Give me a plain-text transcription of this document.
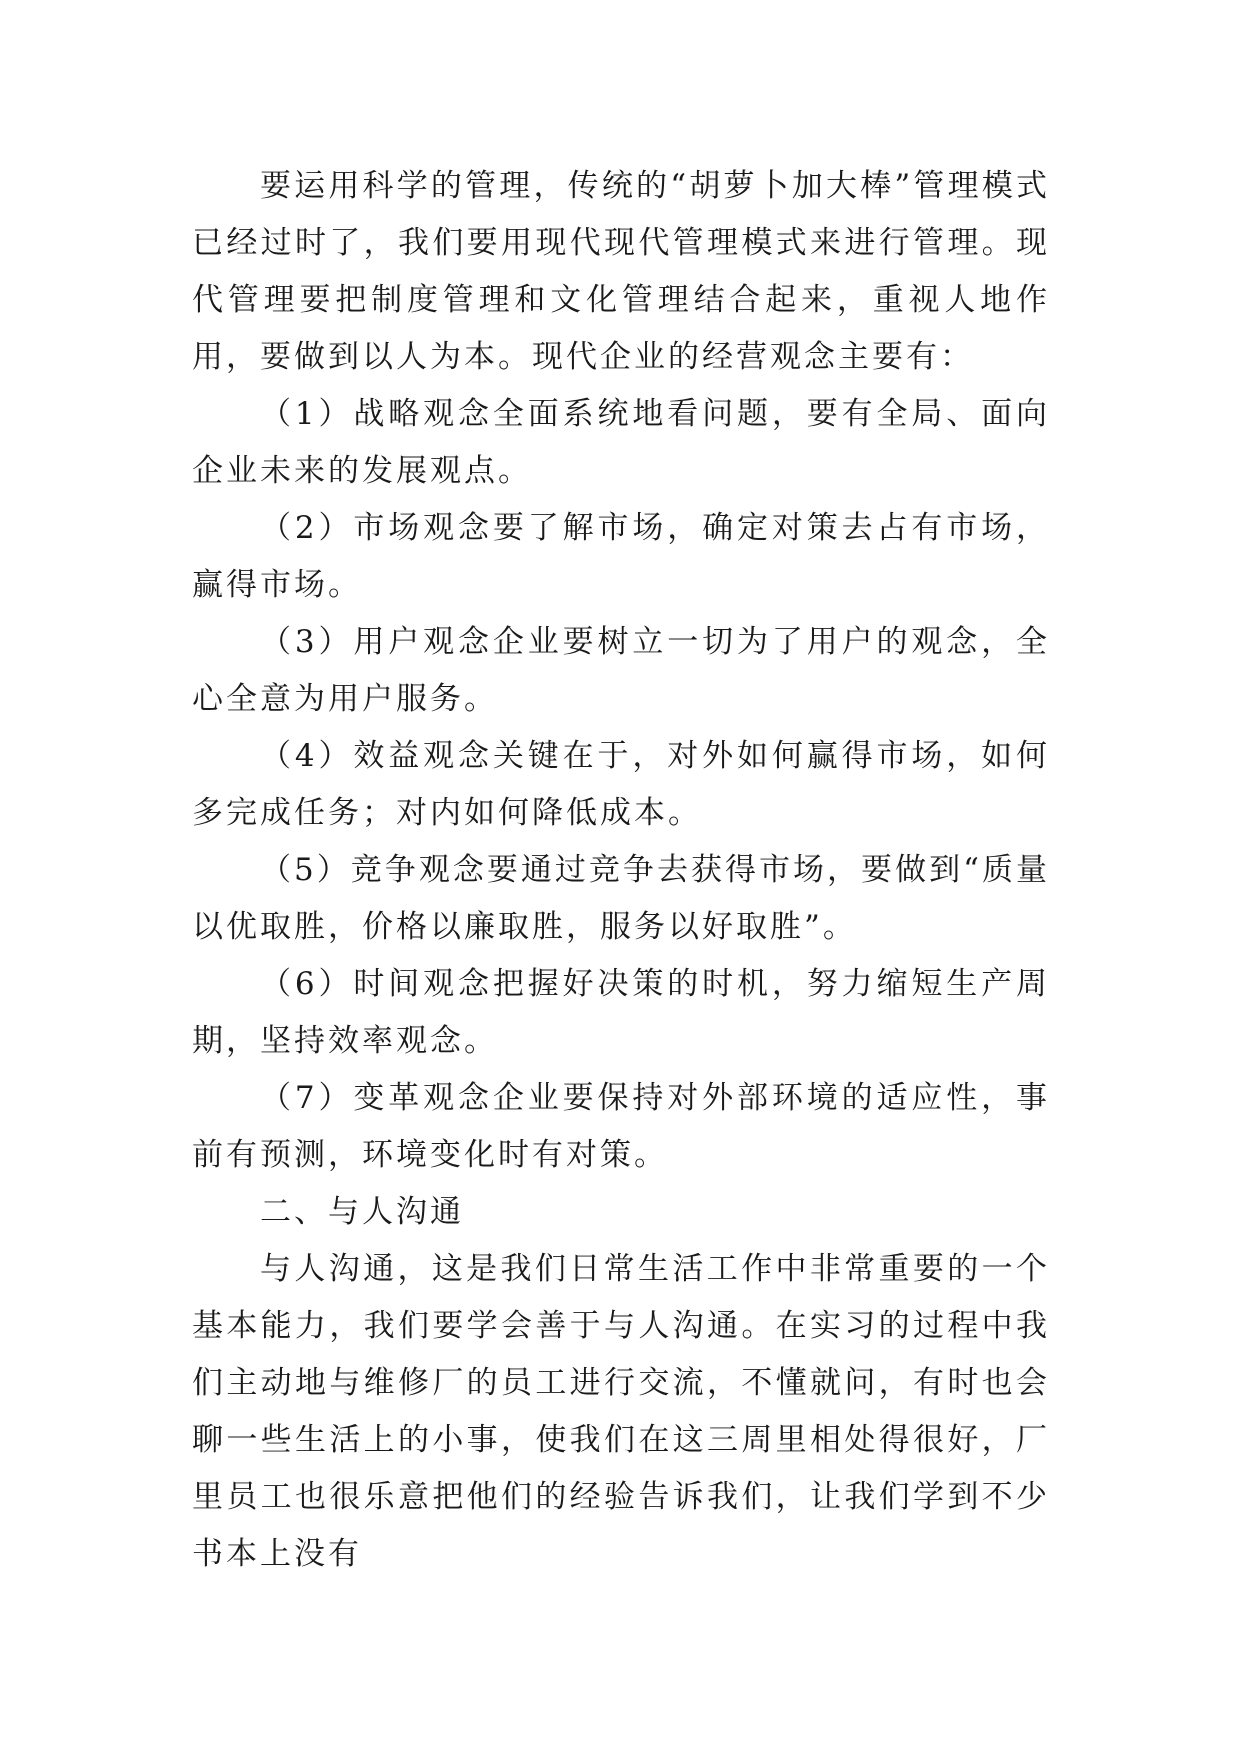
要运用科学的管理，传统的“胡萝卜加大棒”管理模式已经过时了，我们要用现代现代管理模式来进行管理。现代管理要把制度管理和文化管理结合起来，重视人地作用，要做到以人为本。现代企业的经营观念主要有：

（1）战略观念全面系统地看问题，要有全局、面向企业未来的发展观点。

（2）市场观念要了解市场，确定对策去占有市场，赢得市场。

（3）用户观念企业要树立一切为了用户的观念，全心全意为用户服务。

（4）效益观念关键在于，对外如何赢得市场，如何多完成任务；对内如何降低成本。

（5）竞争观念要通过竞争去获得市场，要做到“质量以优取胜，价格以廉取胜，服务以好取胜”。

（6）时间观念把握好决策的时机，努力缩短生产周期，坚持效率观念。

（7）变革观念企业要保持对外部环境的适应性，事前有预测，环境变化时有对策。

二、与人沟通

与人沟通，这是我们日常生活工作中非常重要的一个基本能力，我们要学会善于与人沟通。在实习的过程中我们主动地与维修厂的员工进行交流，不懂就问，有时也会聊一些生活上的小事，使我们在这三周里相处得很好，厂里员工也很乐意把他们的经验告诉我们，让我们学到不少书本上没有
